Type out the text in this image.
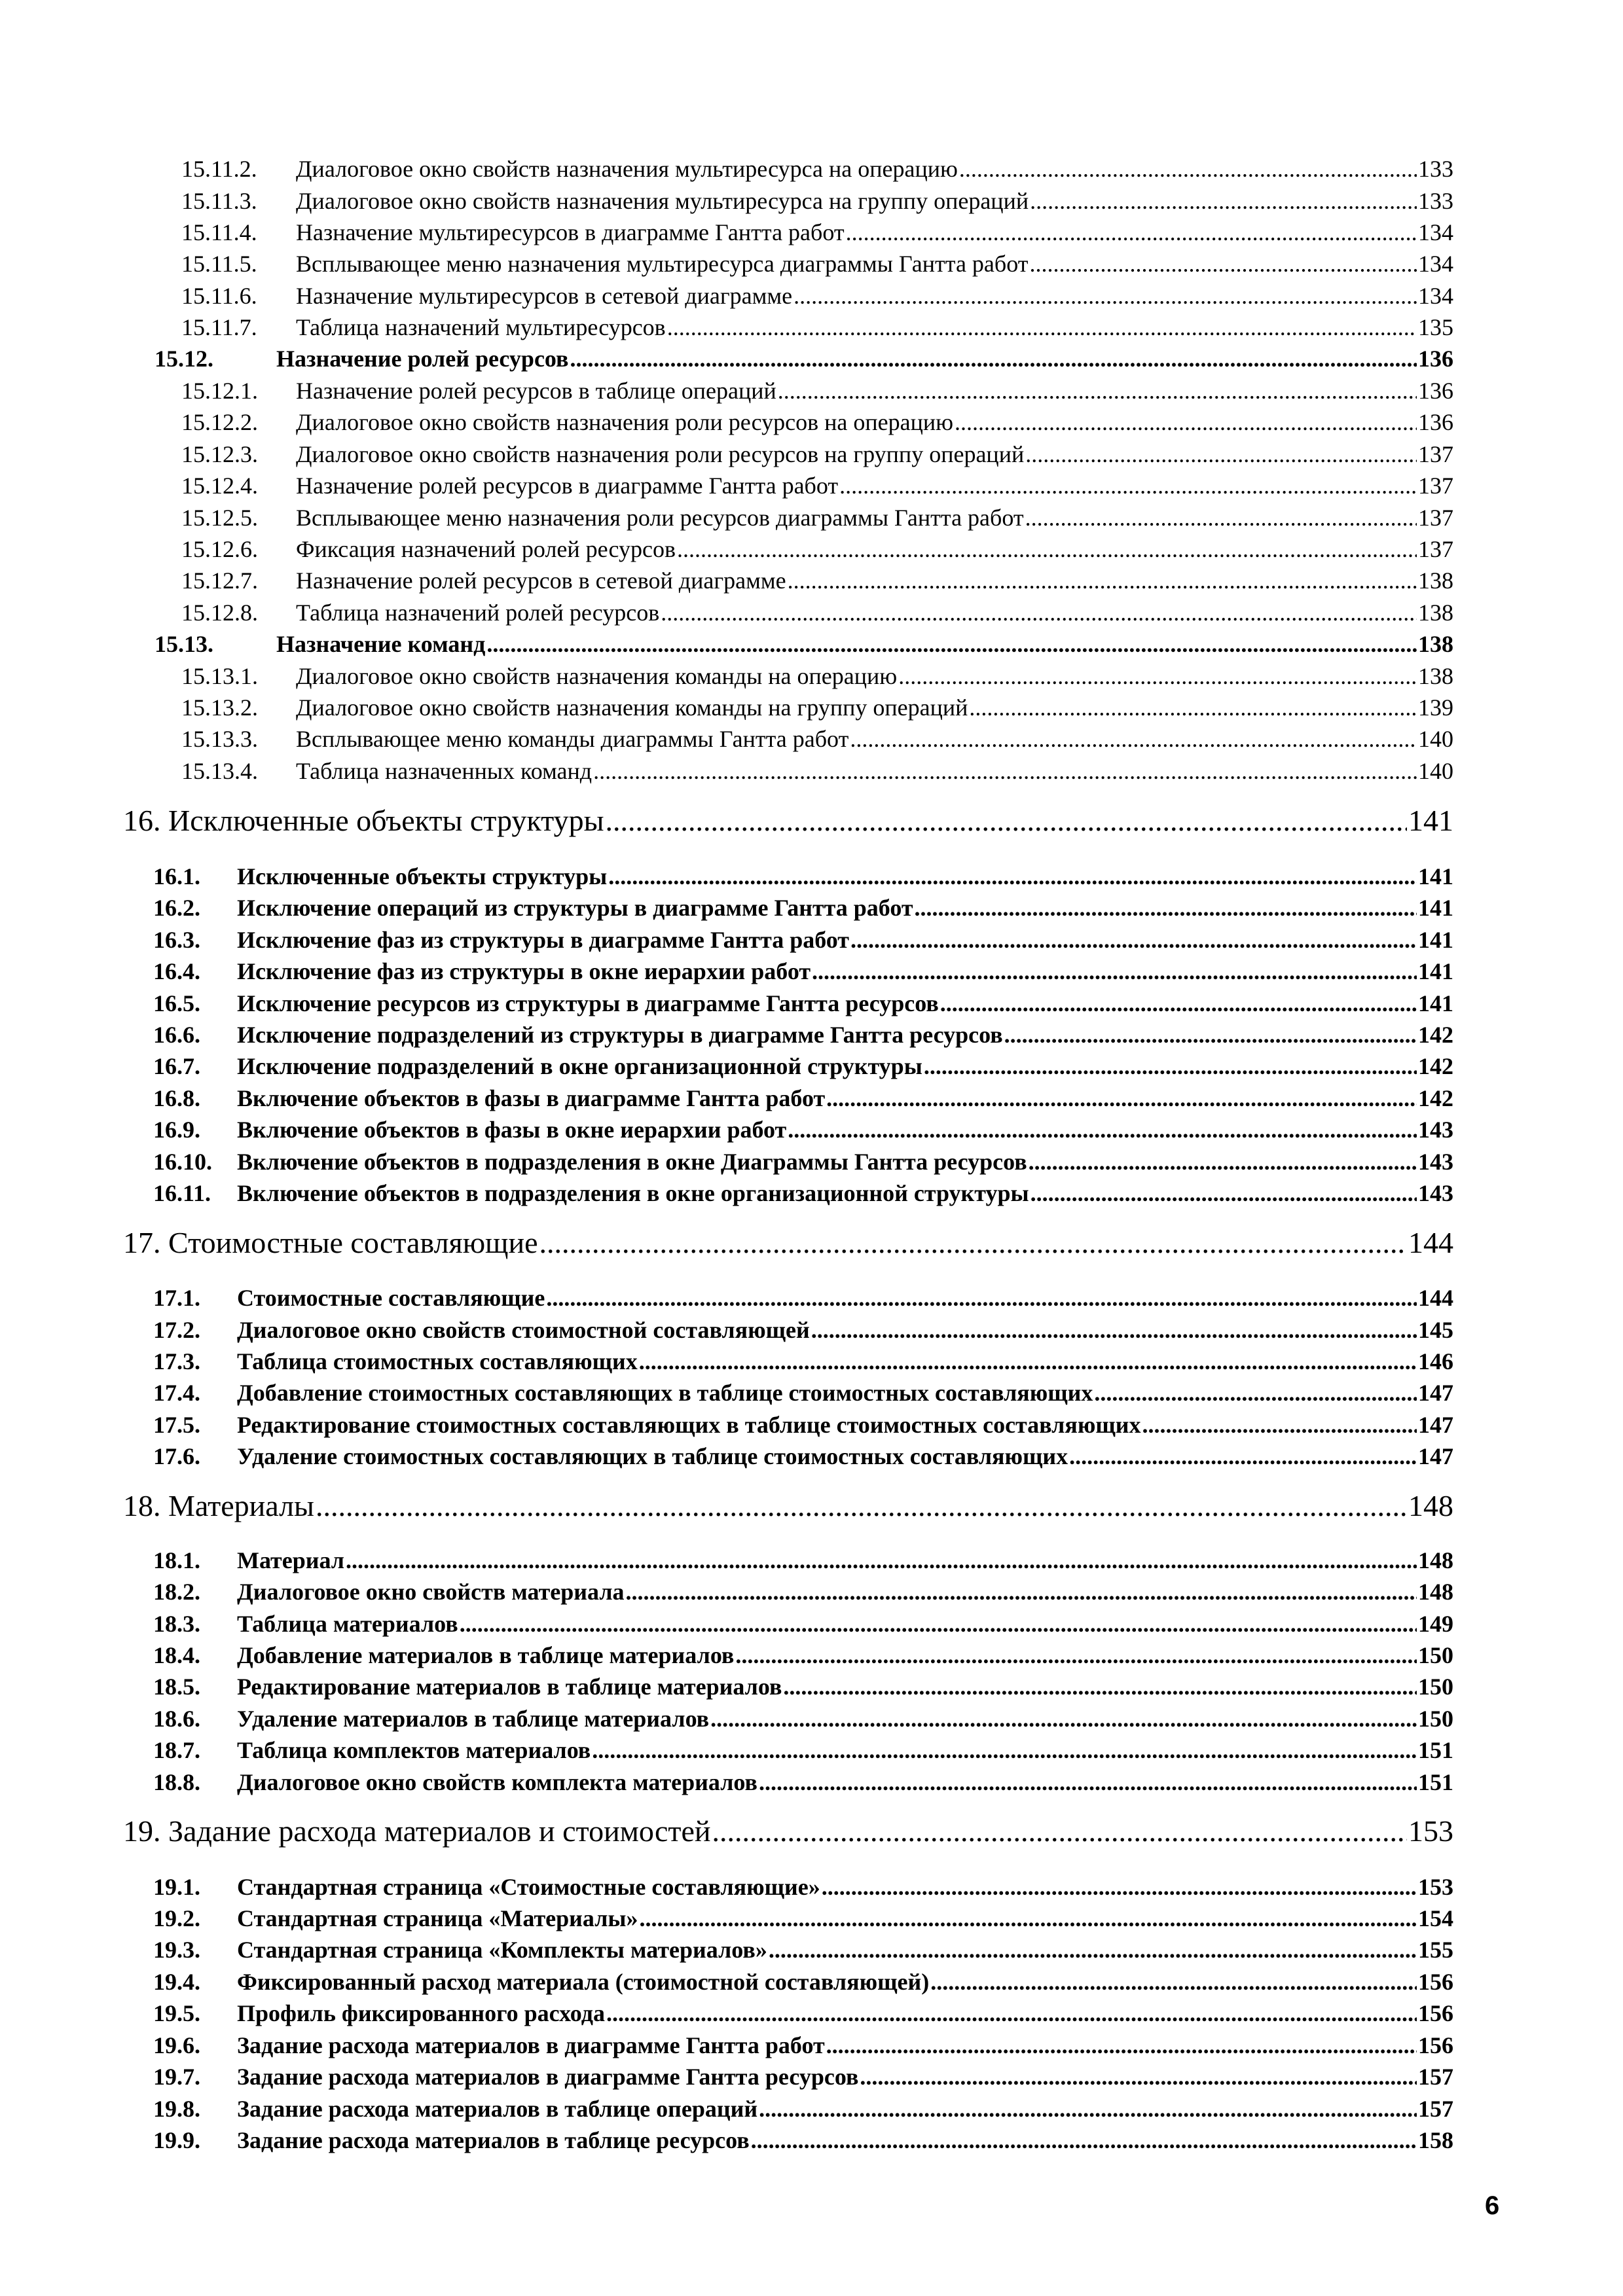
15.11.2.	Диалоговое окно свойств назначения мультиресурса на операцию .....	133
15.11.3.	Диалоговое окно свойств назначения мультиресурса на группу операций .....	133
15.11.4.	Назначение мультиресурсов в диаграмме Гантта работ .....	134
15.11.5.	Всплывающее меню назначения мультиресурса диаграммы Гантта работ .....	134
15.11.6.	Назначение мультиресурсов в сетевой диаграмме .....	134
15.11.7.	Таблица назначений мультиресурсов .....	135
15.12.	Назначение ролей ресурсов .....	136
15.12.1.	Назначение ролей ресурсов в таблице операций .....	136
15.12.2.	Диалоговое окно свойств назначения роли ресурсов на операцию .....	136
15.12.3.	Диалоговое окно свойств назначения роли ресурсов на группу операций .....	137
15.12.4.	Назначение ролей ресурсов в диаграмме Гантта работ .....	137
15.12.5.	Всплывающее меню назначения роли ресурсов диаграммы Гантта работ .....	137
15.12.6.	Фиксация назначений ролей ресурсов .....	137
15.12.7.	Назначение ролей ресурсов в сетевой диаграмме .....	138
15.12.8.	Таблица назначений ролей ресурсов .....	138
15.13.	Назначение команд .....	138
15.13.1.	Диалоговое окно свойств назначения команды на операцию .....	138
15.13.2.	Диалоговое окно свойств назначения команды на группу операций .....	139
15.13.3.	Всплывающее меню команды диаграммы Гантта работ .....	140
15.13.4.	Таблица назначенных команд .....	140
16. Исключенные объекты структуры .....	141
16.1.	Исключенные объекты структуры .....	141
16.2.	Исключение операций из структуры в диаграмме Гантта работ .....	141
16.3.	Исключение фаз из структуры в диаграмме Гантта работ .....	141
16.4.	Исключение фаз из структуры в окне иерархии работ .....	141
16.5.	Исключение ресурсов из структуры в диаграмме Гантта ресурсов .....	141
16.6.	Исключение подразделений из структуры в диаграмме Гантта ресурсов .....	142
16.7.	Исключение подразделений в окне организационной структуры .....	142
16.8.	Включение объектов в фазы в диаграмме Гантта работ .....	142
16.9.	Включение объектов в фазы в окне иерархии работ .....	143
16.10.	Включение объектов в подразделения в окне Диаграммы Гантта ресурсов .....	143
16.11.	Включение объектов в подразделения в окне организационной структуры .....	143
17. Стоимостные составляющие .....	144
17.1.	Стоимостные составляющие .....	144
17.2.	Диалоговое окно свойств стоимостной составляющей .....	145
17.3.	Таблица стоимостных составляющих .....	146
17.4.	Добавление стоимостных составляющих в таблице стоимостных составляющих .....	147
17.5.	Редактирование стоимостных составляющих в таблице стоимостных составляющих .....	147
17.6.	Удаление стоимостных составляющих в таблице стоимостных составляющих .....	147
18. Материалы .....	148
18.1.	Материал .....	148
18.2.	Диалоговое окно свойств материала .....	148
18.3.	Таблица материалов .....	149
18.4.	Добавление материалов в таблице материалов .....	150
18.5.	Редактирование материалов в таблице материалов .....	150
18.6.	Удаление материалов в таблице материалов .....	150
18.7.	Таблица комплектов материалов .....	151
18.8.	Диалоговое окно свойств комплекта материалов .....	151
19. Задание расхода материалов и стоимостей .....	153
19.1.	Стандартная страница «Стоимостные составляющие» .....	153
19.2.	Стандартная страница «Материалы» .....	154
19.3.	Стандартная страница «Комплекты материалов» .....	155
19.4.	Фиксированный расход материала (стоимостной составляющей) .....	156
19.5.	Профиль фиксированного расхода .....	156
19.6.	Задание расхода материалов в диаграмме Гантта работ .....	156
19.7.	Задание расхода материалов в диаграмме Гантта ресурсов .....	157
19.8.	Задание расхода материалов в таблице операций .....	157
19.9.	Задание расхода материалов в таблице ресурсов .....	158
6
